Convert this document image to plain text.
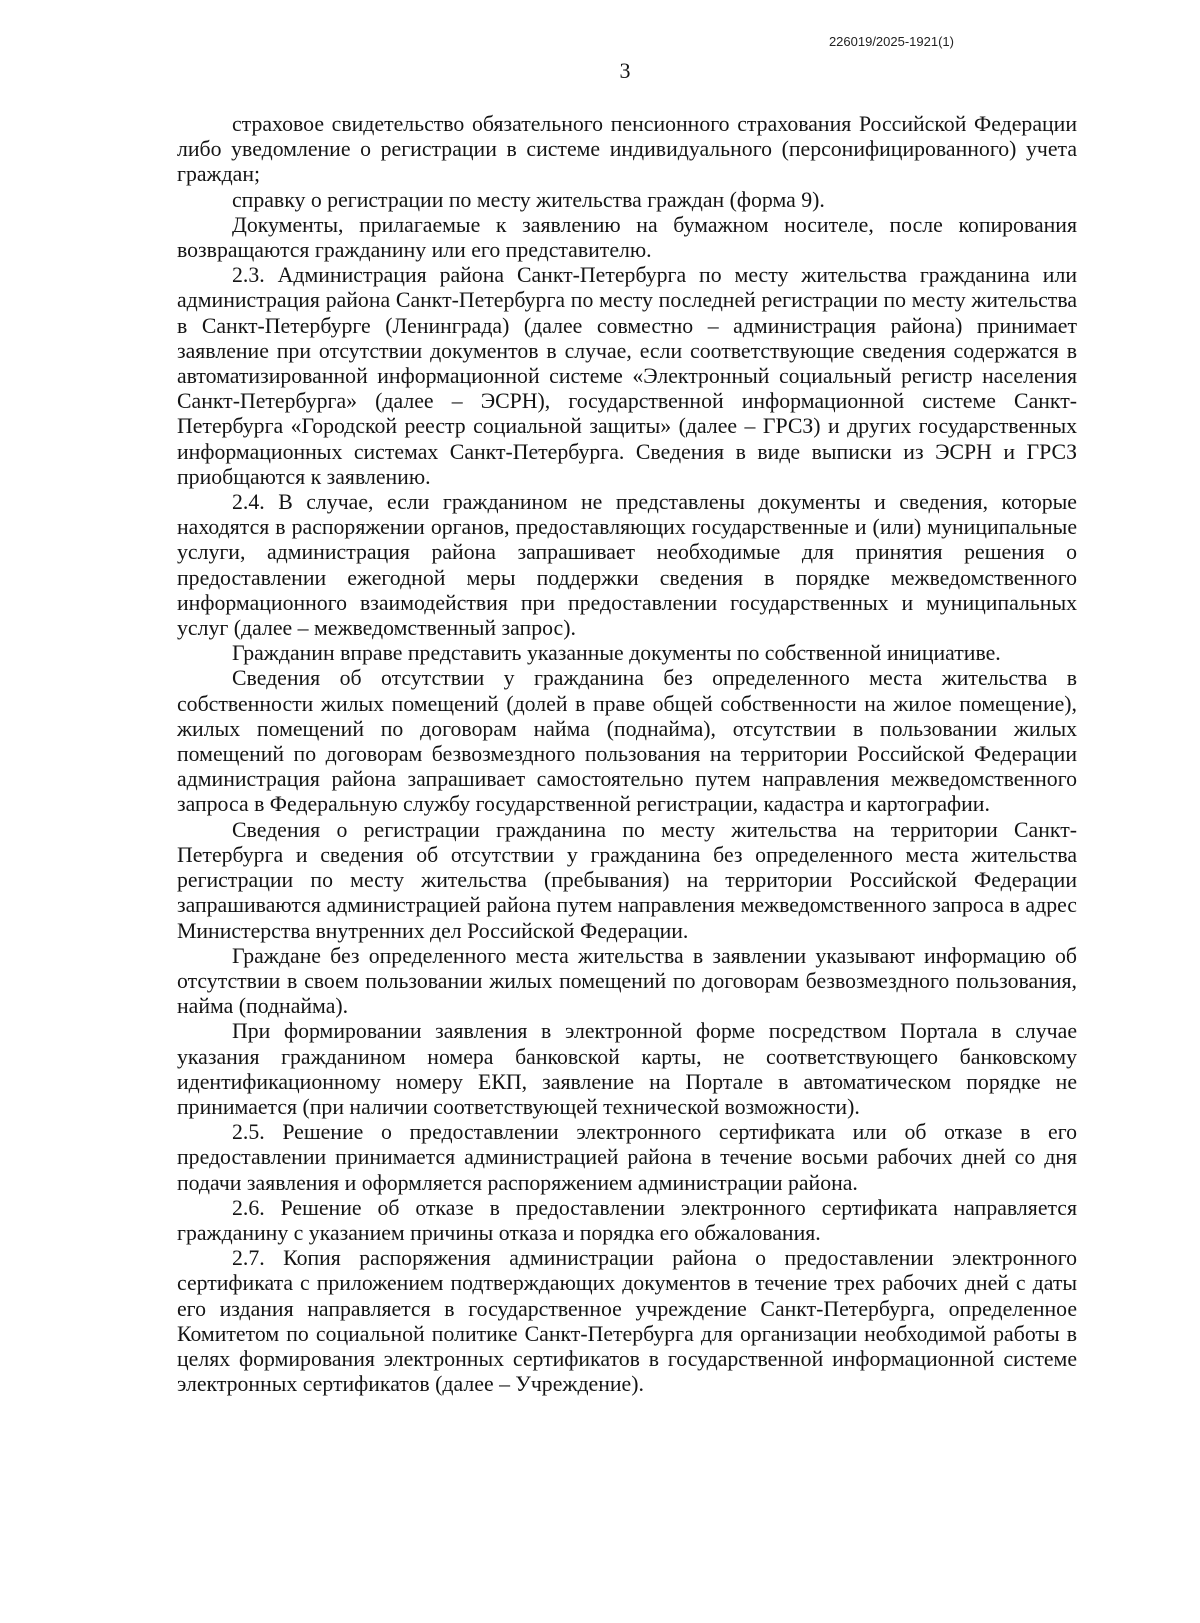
226019/2025-1921(1)
3

страховое свидетельство обязательного пенсионного страхования Российской Федерации либо уведомление о регистрации в системе индивидуального (персонифицированного) учета граждан;

справку о регистрации по месту жительства граждан (форма 9).

Документы, прилагаемые к заявлению на бумажном носителе, после копирования возвращаются гражданину или его представителю.

2.3. Администрация района Санкт-Петербурга по месту жительства гражданина или администрация района Санкт-Петербурга по месту последней регистрации по месту жительства в Санкт-Петербурге (Ленинграда) (далее совместно – администрация района) принимает заявление при отсутствии документов в случае, если соответствующие сведения содержатся в автоматизированной информационной системе «Электронный социальный регистр населения Санкт-Петербурга» (далее – ЭСРН), государственной информационной системе Санкт-Петербурга «Городской реестр социальной защиты» (далее – ГРСЗ) и других государственных информационных системах Санкт-Петербурга. Сведения в виде выписки из ЭСРН и ГРСЗ приобщаются к заявлению.

2.4. В случае, если гражданином не представлены документы и сведения, которые находятся в распоряжении органов, предоставляющих государственные и (или) муниципальные услуги, администрация района запрашивает необходимые для принятия решения о предоставлении ежегодной меры поддержки сведения в порядке межведомственного информационного взаимодействия при предоставлении государственных и муниципальных услуг (далее – межведомственный запрос).

Гражданин вправе представить указанные документы по собственной инициативе.

Сведения об отсутствии у гражданина без определенного места жительства в собственности жилых помещений (долей в праве общей собственности на жилое помещение), жилых помещений по договорам найма (поднайма), отсутствии в пользовании жилых помещений по договорам безвозмездного пользования на территории Российской Федерации администрация района запрашивает самостоятельно путем направления межведомственного запроса в Федеральную службу государственной регистрации, кадастра и картографии.

Сведения о регистрации гражданина по месту жительства на территории Санкт-Петербурга и сведения об отсутствии у гражданина без определенного места жительства регистрации по месту жительства (пребывания) на территории Российской Федерации запрашиваются администрацией района путем направления межведомственного запроса в адрес Министерства внутренних дел Российской Федерации.

Граждане без определенного места жительства в заявлении указывают информацию об отсутствии в своем пользовании жилых помещений по договорам безвозмездного пользования, найма (поднайма).

При формировании заявления в электронной форме посредством Портала в случае указания гражданином номера банковской карты, не соответствующего банковскому идентификационному номеру ЕКП, заявление на Портале в автоматическом порядке не принимается (при наличии соответствующей технической возможности).

2.5. Решение о предоставлении электронного сертификата или об отказе в его предоставлении принимается администрацией района в течение восьми рабочих дней со дня подачи заявления и оформляется распоряжением администрации района.

2.6. Решение об отказе в предоставлении электронного сертификата направляется гражданину с указанием причины отказа и порядка его обжалования.

2.7. Копия распоряжения администрации района о предоставлении электронного сертификата с приложением подтверждающих документов в течение трех рабочих дней с даты его издания направляется в государственное учреждение Санкт-Петербурга, определенное Комитетом по социальной политике Санкт-Петербурга для организации необходимой работы в целях формирования электронных сертификатов в государственной информационной системе электронных сертификатов (далее – Учреждение).
